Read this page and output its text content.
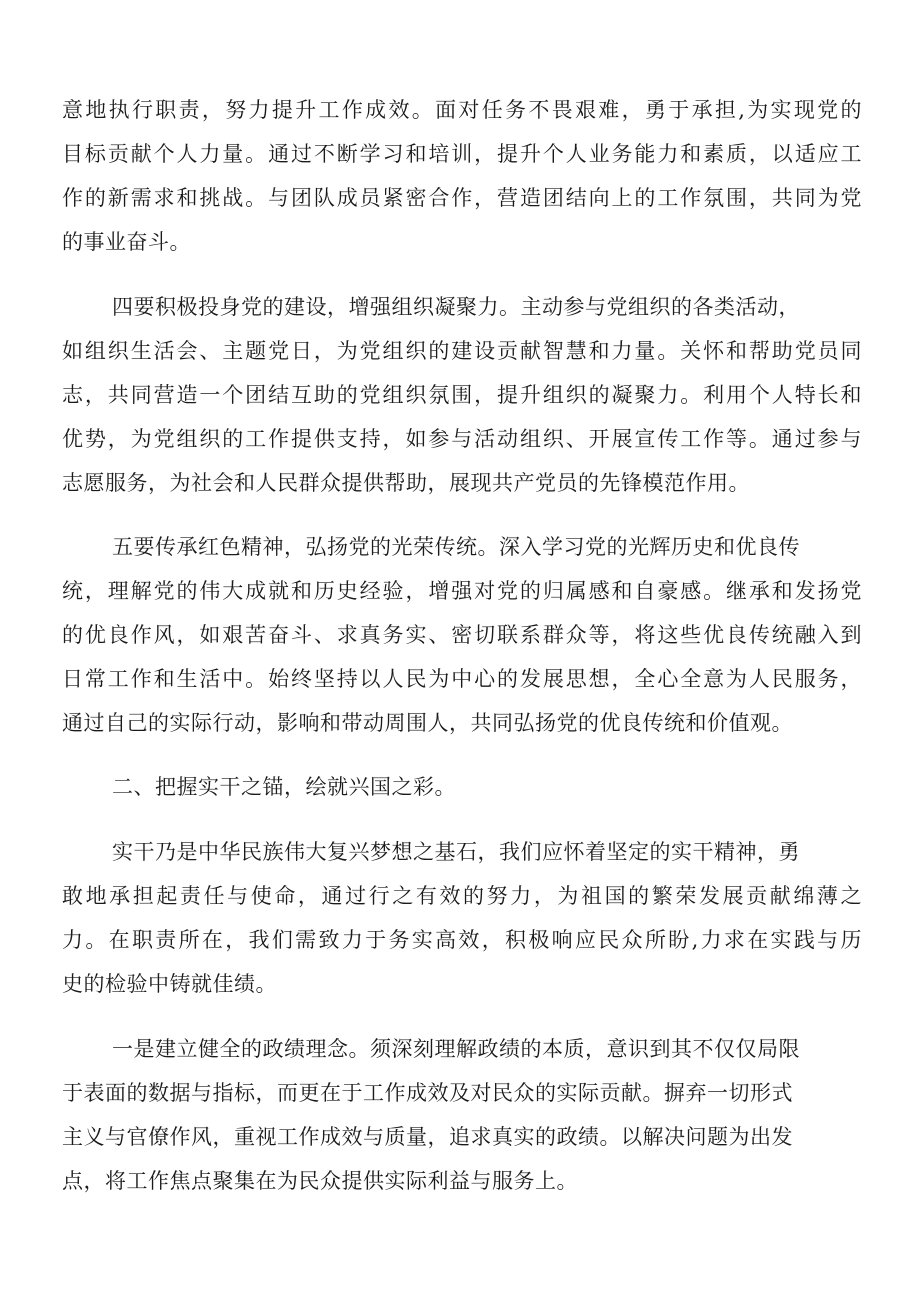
意地执行职责，努力提升工作成效。面对任务不畏艰难，勇于承担,为实现党的
目标贡献个人力量。通过不断学习和培训，提升个人业务能力和素质，以适应工
作的新需求和挑战。与团队成员紧密合作，营造团结向上的工作氛围，共同为党
的事业奋斗。
四要积极投身党的建设，增强组织凝聚力。主动参与党组织的各类活动，
如组织生活会、主题党日，为党组织的建设贡献智慧和力量。关怀和帮助党员同
志，共同营造一个团结互助的党组织氛围，提升组织的凝聚力。利用个人特长和
优势，为党组织的工作提供支持，如参与活动组织、开展宣传工作等。通过参与
志愿服务，为社会和人民群众提供帮助，展现共产党员的先锋模范作用。
五要传承红色精神，弘扬党的光荣传统。深入学习党的光辉历史和优良传
统，理解党的伟大成就和历史经验，增强对党的归属感和自豪感。继承和发扬党
的优良作风，如艰苦奋斗、求真务实、密切联系群众等，将这些优良传统融入到
日常工作和生活中。始终坚持以人民为中心的发展思想，全心全意为人民服务，
通过自己的实际行动，影响和带动周围人，共同弘扬党的优良传统和价值观。
二、把握实干之锚，绘就兴国之彩。
实干乃是中华民族伟大复兴梦想之基石，我们应怀着坚定的实干精神，勇
敢地承担起责任与使命，通过行之有效的努力，为祖国的繁荣发展贡献绵薄之
力。在职责所在，我们需致力于务实高效，积极响应民众所盼,力求在实践与历
史的检验中铸就佳绩。
一是建立健全的政绩理念。须深刻理解政绩的本质，意识到其不仅仅局限
于表面的数据与指标，而更在于工作成效及对民众的实际贡献。摒弃一切形式
主义与官僚作风，重视工作成效与质量，追求真实的政绩。以解决问题为出发
点，将工作焦点聚集在为民众提供实际利益与服务上。
